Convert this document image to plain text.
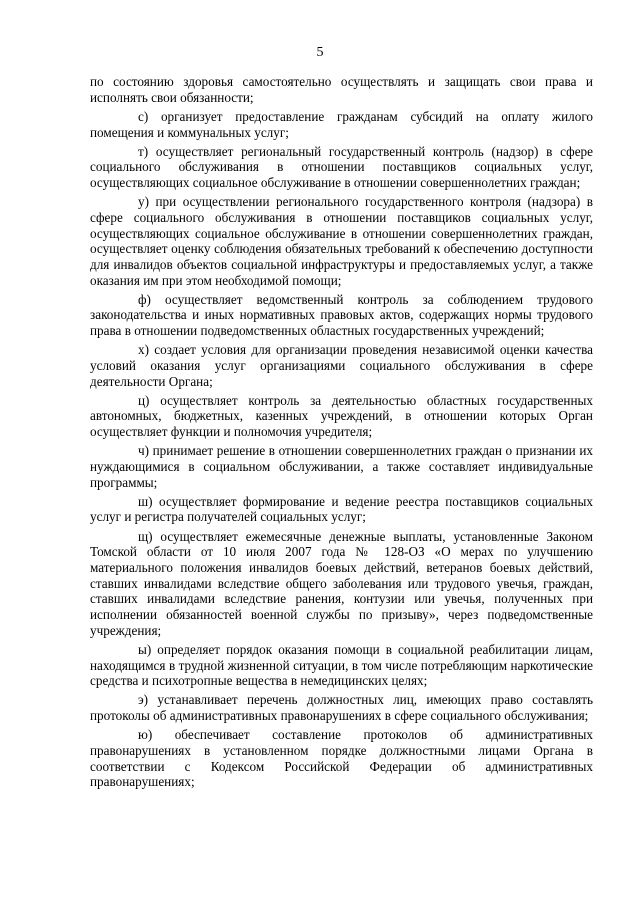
5

по состоянию здоровья самостоятельно осуществлять и защищать свои права и исполнять свои обязанности;

с) организует предоставление гражданам субсидий на оплату жилого помещения и коммунальных услуг;

т) осуществляет региональный государственный контроль (надзор) в сфере социального обслуживания в отношении поставщиков социальных услуг, осуществляющих социальное обслуживание в отношении совершеннолетних граждан;

у) при осуществлении регионального государственного контроля (надзора) в сфере социального обслуживания в отношении поставщиков социальных услуг, осуществляющих социальное обслуживание в отношении совершеннолетних граждан, осуществляет оценку соблюдения обязательных требований к обеспечению доступности для инвалидов объектов социальной инфраструктуры и предоставляемых услуг, а также оказания им при этом необходимой помощи;

ф) осуществляет ведомственный контроль за соблюдением трудового законодательства и иных нормативных правовых актов, содержащих нормы трудового права в отношении подведомственных областных государственных учреждений;

х) создает условия для организации проведения независимой оценки качества условий оказания услуг организациями социального обслуживания в сфере деятельности Органа;

ц) осуществляет контроль за деятельностью областных государственных автономных, бюджетных, казенных учреждений, в отношении которых Орган осуществляет функции и полномочия учредителя;

ч) принимает решение в отношении совершеннолетних граждан о признании их нуждающимися в социальном обслуживании, а также составляет индивидуальные программы;

ш) осуществляет формирование и ведение реестра поставщиков социальных услуг и регистра получателей социальных услуг;

щ) осуществляет ежемесячные денежные выплаты, установленные Законом Томской области от 10 июля 2007 года № 128-ОЗ «О мерах по улучшению материального положения инвалидов боевых действий, ветеранов боевых действий, ставших инвалидами вследствие общего заболевания или трудового увечья, граждан, ставших инвалидами вследствие ранения, контузии или увечья, полученных при исполнении обязанностей военной службы по призыву», через подведомственные учреждения;

ы) определяет порядок оказания помощи в социальной реабилитации лицам, находящимся в трудной жизненной ситуации, в том числе потребляющим наркотические средства и психотропные вещества в немедицинских целях;

э) устанавливает перечень должностных лиц, имеющих право составлять протоколы об административных правонарушениях в сфере социального обслуживания;

ю) обеспечивает составление протоколов об административных правонарушениях в установленном порядке должностными лицами Органа в соответствии с Кодексом Российской Федерации об административных правонарушениях;
